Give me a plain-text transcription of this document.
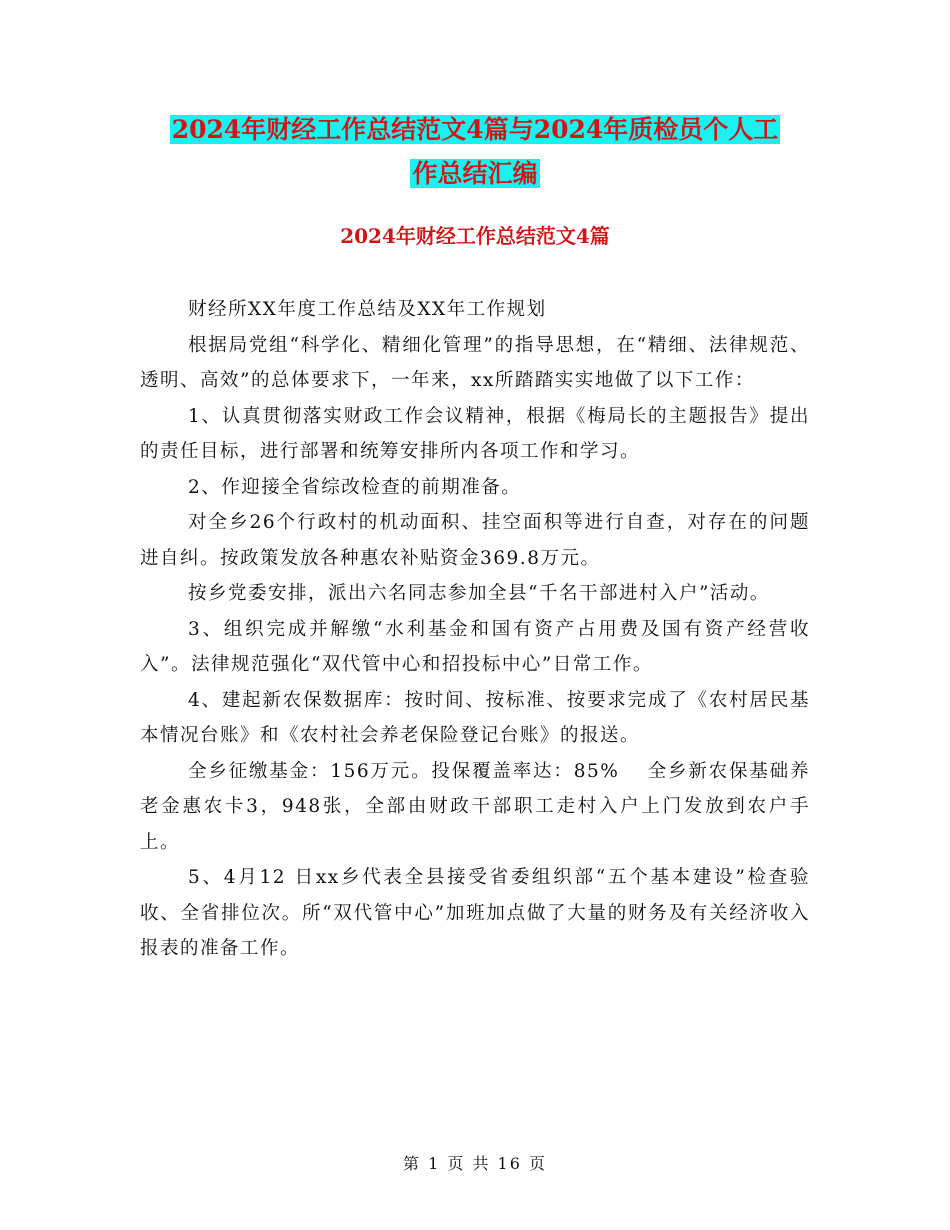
2024年财经工作总结范文4篇与2024年质检员个人工
作总结汇编
2024年财经工作总结范文4篇

财经所XX年度工作总结及XX年工作规划

根据局党组“科学化、精细化管理”的指导思想，在“精细、法律规范、透明、高效”的总体要求下，一年来，xx所踏踏实实地做了以下工作：

1、认真贯彻落实财政工作会议精神，根据《梅局长的主题报告》提出的责任目标，进行部署和统筹安排所内各项工作和学习。

2、作迎接全省综改检查的前期准备。

对全乡26个行政村的机动面积、挂空面积等进行自查，对存在的问题进自纠。按政策发放各种惠农补贴资金369.8万元。

按乡党委安排，派出六名同志参加全县“千名干部进村入户”活动。

3、组织完成并解缴“水利基金和国有资产占用费及国有资产经营收入”。法律规范强化“双代管中心和招投标中心”日常工作。

4、建起新农保数据库：按时间、按标准、按要求完成了《农村居民基本情况台账》和《农村社会养老保险登记台账》的报送。

全乡征缴基金：156万元。投保覆盖率达：85%　 全乡新农保基础养老金惠农卡3，948张，全部由财政干部职工走村入户上门发放到农户手上。

5、4月12 日xx乡代表全县接受省委组织部“五个基本建设”检查验收、全省排位次。所“双代管中心”加班加点做了大量的财务及有关经济收入报表的准备工作。

第 1 页 共 16 页
